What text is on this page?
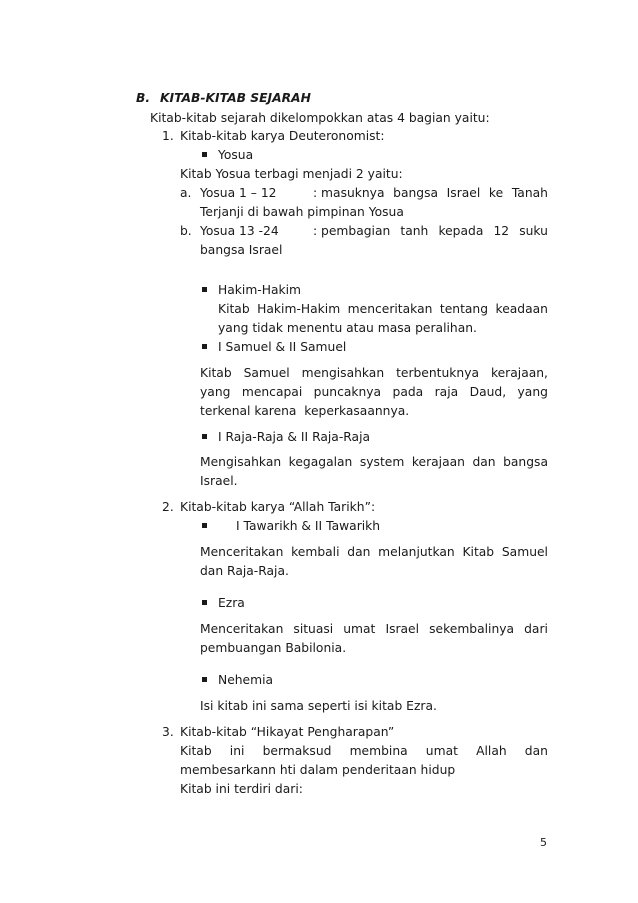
B. KITAB-KITAB SEJARAH
Kitab-kitab sejarah dikelompokkan atas 4 bagian yaitu:
1. Kitab-kitab karya Deuteronomist:
Yosua
Kitab Yosua terbagi menjadi 2 yaitu:
a. Yosua 1 – 12	: masuknya bangsa Israel ke Tanah
Terjanji di bawah pimpinan Yosua
b. Yosua 13 -24	: pembagian tanh kepada 12 suku
bangsa Israel
Hakim-Hakim
Kitab Hakim-Hakim menceritakan tentang keadaan
yang tidak menentu atau masa peralihan.
I Samuel & II Samuel
Kitab Samuel mengisahkan terbentuknya kerajaan,
yang mencapai puncaknya pada raja Daud, yang
terkenal karena  keperkasaannya.
I Raja-Raja & II Raja-Raja
Mengisahkan kegagalan system kerajaan dan bangsa
Israel.
2. Kitab-kitab karya “Allah Tarikh”:
I Tawarikh & II Tawarikh
Menceritakan kembali dan melanjutkan Kitab Samuel
dan Raja-Raja.
Ezra
Menceritakan situasi umat Israel sekembalinya dari
pembuangan Babilonia.
Nehemia
Isi kitab ini sama seperti isi kitab Ezra.
3. Kitab-kitab “Hikayat Pengharapan”
Kitab ini bermaksud membina umat Allah dan
membesarkann hti dalam penderitaan hidup
Kitab ini terdiri dari:
5
